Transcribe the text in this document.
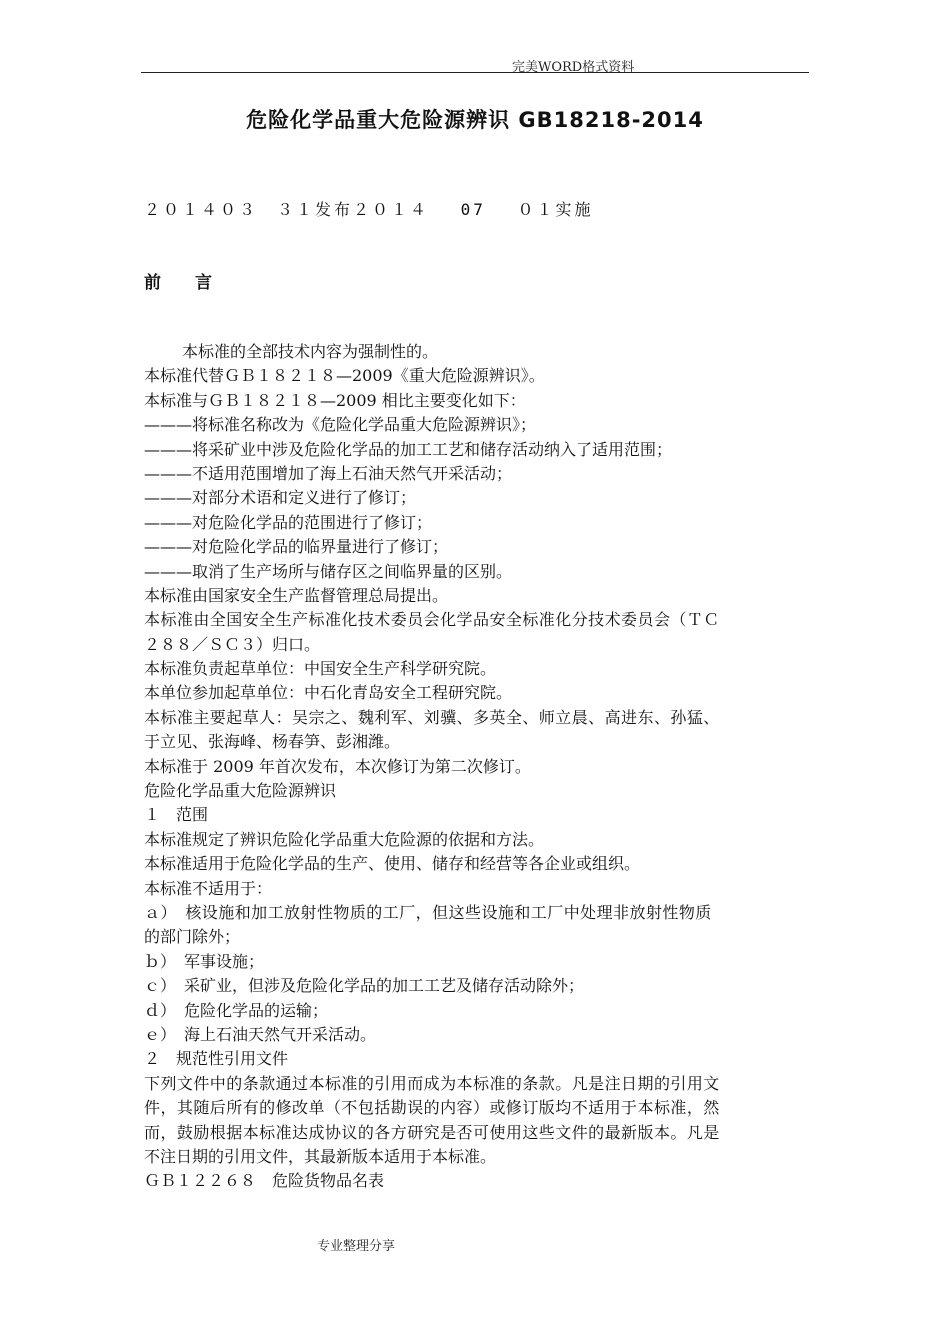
完美WORD格式资料
危险化学品重大危险源辨识 GB18218-2014
２０１４０３　３１发布２０１４　 07　 ０１实施
前　　言
本标准的全部技术内容为强制性的。
本标准代替ＧＢ１８２１８—2009《重大危险源辨识》。
本标准与ＧＢ１８２１８—2009 相比主要变化如下：
———将标准名称改为《危险化学品重大危险源辨识》；
———将采矿业中涉及危险化学品的加工工艺和储存活动纳入了适用范围；
———不适用范围增加了海上石油天然气开采活动；
———对部分术语和定义进行了修订；
———对危险化学品的范围进行了修订；
———对危险化学品的临界量进行了修订；
———取消了生产场所与储存区之间临界量的区别。
本标准由国家安全生产监督管理总局提出。
本标准由全国安全生产标准化技术委员会化学品安全标准化分技术委员会（ＴＣ
２８８／ＳＣ３）归口。
本标准负责起草单位：中国安全生产科学研究院。
本单位参加起草单位：中石化青岛安全工程研究院。
本标准主要起草人：吴宗之、魏利军、刘骥、多英全、师立晨、高进东、孙猛、
于立见、张海峰、杨春笋、彭湘潍。
本标准于 2009 年首次发布，本次修订为第二次修订。
危险化学品重大危险源辨识
１　范围
本标准规定了辨识危险化学品重大危险源的依据和方法。
本标准适用于危险化学品的生产、使用、储存和经营等各企业或组织。
本标准不适用于：
ａ）　核设施和加工放射性物质的工厂，但这些设施和工厂中处理非放射性物质
的部门除外；
ｂ）　军事设施；
ｃ）　采矿业，但涉及危险化学品的加工工艺及储存活动除外；
ｄ）　危险化学品的运输；
ｅ）　海上石油天然气开采活动。
２　规范性引用文件
下列文件中的条款通过本标准的引用而成为本标准的条款。凡是注日期的引用文
件，其随后所有的修改单（不包括勘误的内容）或修订版均不适用于本标准，然
而，鼓励根据本标准达成协议的各方研究是否可使用这些文件的最新版本。凡是
不注日期的引用文件，其最新版本适用于本标准。
ＧＢ１２２６８　危险货物品名表
专业整理分享
